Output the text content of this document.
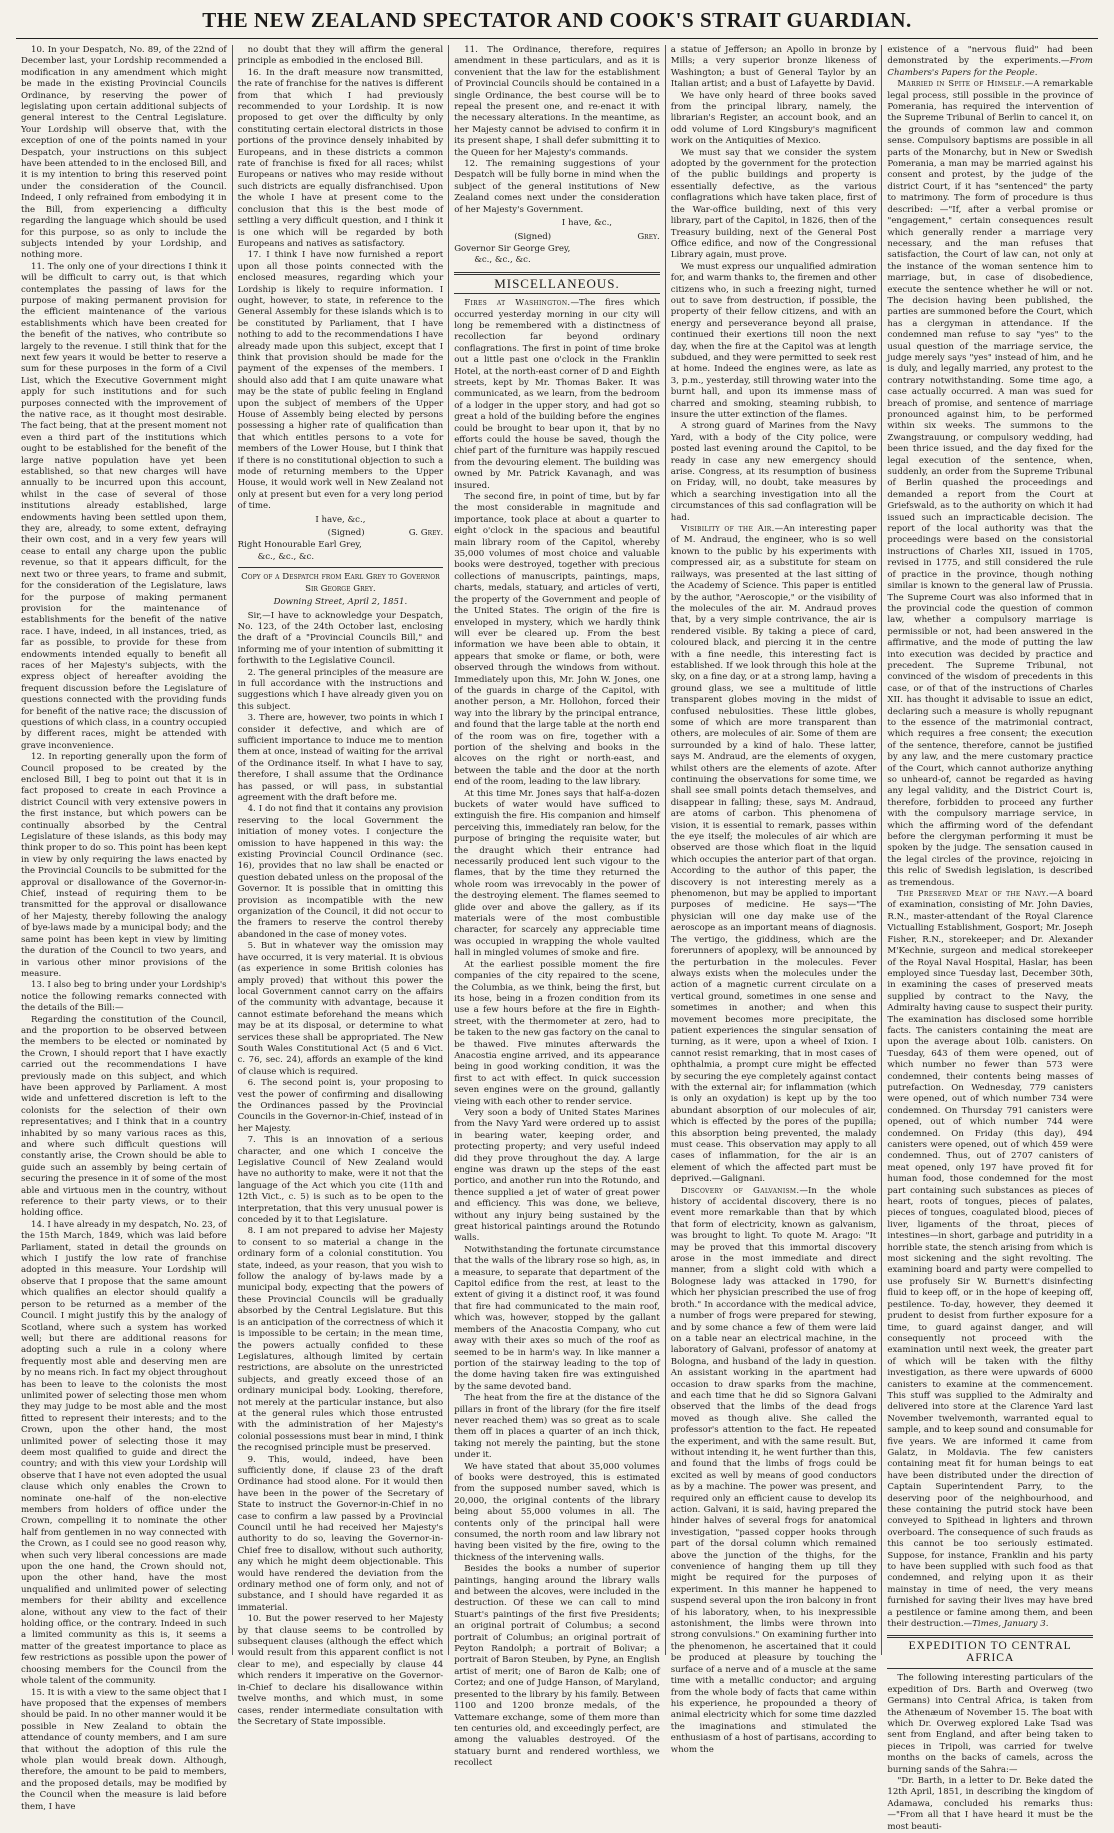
THE NEW ZEALAND SPECTATOR AND COOK'S STRAIT GUARDIAN.

10. In your Despatch, No. 89, of the 22nd of December last, your Lordship recommended a modification in any amendment which might be made in the existing Provincial Councils Ordinance, by reserving the power of legislating upon certain additional subjects of general interest to the Central Legislature. Your Lordship will observe that, with the exception of one of the points named in your Despatch, your instructions on this subject have been attended to in the enclosed Bill, and it is my intention to bring this reserved point under the consideration of the Council. Indeed, I only refrained from embodying it in the Bill, from experiencing a difficulty regarding the language which should be used for this purpose, so as only to include the subjects intended by your Lordship, and nothing more.

11. The only one of your directions I think it will be difficult to carry out, is that which contemplates the passing of laws for the purpose of making permanent provision for the efficient maintenance of the various establishments which have been created for the benefit of the natives, who contribute so largely to the revenue. I still think that for the next few years it would be better to reserve a sum for these purposes in the form of a Civil List, which the Executive Government might apply for such institutions and for such purposes connected with the improvement of the native race, as it thought most desirable. The fact being, that at the present moment not even a third part of the institutions which ought to be established for the benefit of the large native population have yet been established, so that new charges will have annually to be incurred upon this account, whilst in the case of several of those institutions already established, large endowments having been settled upon them, they are, already, to some extent, defraying their own cost, and in a very few years will cease to entail any charge upon the public revenue, so that it appears difficult, for the next two or three years, to frame and submit, for the consideration of the Legislature, laws for the purpose of making permanent provision for the maintenance of establishments for the benefit of the native race. I have, indeed, in all instances, tried, as far as possible, to provide for these from endowments intended equally to benefit all races of her Majesty's subjects, with the express object of hereafter avoiding the frequent discussion before the Legislature of questions connected with the providing funds for benefit of the native race; the discussion of questions of which class, in a country occupied by different races, might be attended with grave inconvenience.

12. In reporting generally upon the form of Council proposed to be created by the enclosed Bill, I beg to point out that it is in fact proposed to create in each Province a district Council with very extensive powers in the first instance, but which powers can be continually absorbed by the Central Legislature of these islands, as this body may think proper to do so. This point has been kept in view by only requiring the laws enacted by the Provincial Councils to be submitted for the approval or disallowance of the Governor-in-Chief, instead of requiring them to be transmitted for the approval or disallowance of her Majesty, thereby following the analogy of bye-laws made by a municipal body; and the same point has been kept in view by limiting the duration of the Council to two years, and in various other minor provisions of the measure.

13. I also beg to bring under your Lordship's notice the following remarks connected with the details of the Bill:—

Regarding the constitution of the Council, and the proportion to be observed between the members to be elected or nominated by the Crown, I should report that I have exactly carried out the recommendations I have previously made on this subject, and which have been approved by Parliament. A most wide and unfettered discretion is left to the colonists for the selection of their own representatives; and I think that in a country inhabited by so many various races as this, and where such difficult questions will constantly arise, the Crown should be able to guide such an assembly by being certain of securing the presence in it of some of the most able and virtuous men in the country, without reference to their party views, or to their holding office.

14. I have already in my despatch, No. 23, of the 15th March, 1849, which was laid before Parliament, stated in detail the grounds on which I justify the low rate of franchise adopted in this measure. Your Lordship will observe that I propose that the same amount which qualifies an elector should qualify a person to be returned as a member of the Council. I might justify this by the analogy of Scotland, where such a system has worked well; but there are additional reasons for adopting such a rule in a colony where frequently most able and deserving men are by no means rich. In fact my object throughout has been to leave to the colonists the most unlimited power of selecting those men whom they may judge to be most able and the most fitted to represent their interests; and to the Crown, upon the other hand, the most unlimited power of selecting those it may deem most qualified to guide and direct the country; and with this view your Lordship will observe that I have not even adopted the usual clause which only enables the Crown to nominate one-half of the non-elective members from holders of office under the Crown, compelling it to nominate the other half from gentlemen in no way connected with the Crown, as I could see no good reason why, when such very liberal concessions are made upon the one hand, the Crown should not, upon the other hand, have the most unqualified and unlimited power of selecting members for their ability and excellence alone, without any view to the fact of their holding office, or the contrary. Indeed in such a limited community as this is, it seems a matter of the greatest importance to place as few restrictions as possible upon the power of choosing members for the Council from the whole talent of the community.

15. It is with a view to the same object that I have proposed that the expenses of members should be paid. In no other manner would it be possible in New Zealand to obtain the attendance of county members, and I am sure that without the adoption of this rule the whole plan would break down. Although, therefore, the amount to be paid to members, and the proposed details, may be modified by the Council when the measure is laid before them, I have

no doubt that they will affirm the general principle as embodied in the enclosed Bill.

16. In the draft measure now transmitted, the rate of franchise for the natives is different from that which I had previously recommended to your Lordship. It is now proposed to get over the difficulty by only constituting certain electoral districts in those portions of the province densely inhabited by Europeans, and in these districts a common rate of franchise is fixed for all races; whilst Europeans or natives who may reside without such districts are equally disfranchised. Upon the whole I have at present come to the conclusion that this is the best mode of settling a very difficult question, and I think it is one which will be regarded by both Europeans and natives as satisfactory.

17. I think I have now furnished a report upon all those points connected with the enclosed measures, regarding which your Lordship is likely to require information. I ought, however, to state, in reference to the General Assembly for these islands which is to be constituted by Parliament, that I have nothing to add to the recommendations I have already made upon this subject, except that I think that provision should be made for the payment of the expenses of the members. I should also add that I am quite unaware what may be the state of public feeling in England upon the subject of members of the Upper House of Assembly being elected by persons possessing a higher rate of qualification than that which entitles persons to a vote for members of the Lower House, but I think that if there is no constitutional objection to such a mode of returning members to the Upper House, it would work well in New Zealand not only at present but even for a very long period of time.

I have, &c.,
(Signed)	G. Grey.
Right Honourable Earl Grey,
&c., &c., &c.
Copy of a Despatch from Earl Grey to Governor Sir George Grey.
Downing Street, April 2, 1851.

Sir,—I have to acknowledge your Despatch, No. 123, of the 24th October last, enclosing the draft of a "Provincial Councils Bill," and informing me of your intention of submitting it forthwith to the Legislative Council.

2. The general principles of the measure are in full accordance with the instructions and suggestions which I have already given you on this subject.

3. There are, however, two points in which I consider it defective, and which are of sufficient importance to induce me to mention them at once, instead of waiting for the arrival of the Ordinance itself. In what I have to say, therefore, I shall assume that the Ordinance has passed, or will pass, in substantial agreement with the draft before me.

4. I do not find that it contains any provision reserving to the local Government the initiation of money votes. I conjecture the omission to have happened in this way: the existing Provincial Council Ordinance (sec. 16), provides that no law shall be enacted or question debated unless on the proposal of the Governor. It is possible that in omitting this provision as incompatible with the new organization of the Council, it did not occur to the framers to reserve the control thereby abandoned in the case of money votes.

5. But in whatever way the omission may have occurred, it is very material. It is obvious (as experience in some British colonies has amply proved) that without this power the local Government cannot carry on the affairs of the community with advantage, because it cannot estimate beforehand the means which may be at its disposal, or determine to what services these shall be appropriated. The New South Wales Constitutional Act (5 and 6 Vict. c. 76, sec. 24), affords an example of the kind of clause which is required.

6. The second point is, your proposing to vest the power of confirming and disallowing the Ordinances passed by the Provincial Councils in the Governor-in-Chief, instead of in her Majesty.

7. This is an innovation of a serious character, and one which I conceive the Legislative Council of New Zealand would have no authority to make, were it not that the language of the Act which you cite (11th and 12th Vict., c. 5) is such as to be open to the interpretation, that this very unusual power is conceded by it to that Legislature.

8. I am not prepared to advise her Majesty to consent to so material a change in the ordinary form of a colonial constitution. You state, indeed, as your reason, that you wish to follow the analogy of by-laws made by a municipal body, expecting that the powers of these Provincial Councils will be gradually absorbed by the Central Legislature. But this is an anticipation of the correctness of which it is impossible to be certain; in the mean time, the powers actually confided to these Legislatures, although limited by certain restrictions, are absolute on the unrestricted subjects, and greatly exceed those of an ordinary municipal body. Looking, therefore, not merely at the particular instance, but also at the general rules which those entrusted with the administration of her Majesty's colonial possessions must bear in mind, I think the recognised principle must be preserved.

9. This, would, indeed, have been sufficiently done, if clause 23 of the draft Ordinance had stood alone. For it would then have been in the power of the Secretary of State to instruct the Governor-in-Chief in no case to confirm a law passed by a Provincial Council until he had received her Majesty's authority to do so, leaving the Governor-in-Chief free to disallow, without such authority, any which he might deem objectionable. This would have rendered the deviation from the ordinary method one of form only, and not of substance, and I should have regarded it as immaterial.

10. But the power reserved to her Majesty by that clause seems to be controlled by subsequent clauses (although the effect which would result from this apparent conflict is not clear to me), and especially by clause 44 which renders it imperative on the Governor-in-Chief to declare his disallowance within twelve months, and which must, in some cases, render intermediate consultation with the Secretary of State impossible.

11. The Ordinance, therefore, requires amendment in these particulars, and as it is convenient that the law for the establishment of Provincial Councils should be contained in a single Ordinance, the best course will be to repeal the present one, and re-enact it with the necessary alterations. In the meantime, as her Majesty cannot be advised to confirm it in its present shape, I shall defer submitting it to the Queen for her Majesty's commands.

12. The remaining suggestions of your Despatch will be fully borne in mind when the subject of the general institutions of New Zealand comes next under the consideration of her Majesty's Government.

I have, &c.,
(Signed)	Grey.
Governor Sir George Grey,
&c., &c., &c.
MISCELLANEOUS.

Fires at Washington.—The fires which occurred yesterday morning in our city will long be remembered with a distinctness of recollection far beyond ordinary conflagrations. The first in point of time broke out a little past one o'clock in the Franklin Hotel, at the north-east corner of D and Eighth streets, kept by Mr. Thomas Baker. It was communicated, as we learn, from the bedroom of a lodger in the upper story, and had got so great a hold of the building before the engines could be brought to bear upon it, that by no efforts could the house be saved, though the chief part of the furniture was happily rescued from the devouring element. The building was owned by Mr. Patrick Kavanagh, and was insured.

The second fire, in point of time, but by far the most considerable in magnitude and importance, took place at about a quarter to eight o'clock in the spacious and beautiful main library room of the Capitol, whereby 35,000 volumes of most choice and valuable books were destroyed, together with precious collections of manuscripts, paintings, maps, charts, medals, statuary, and articles of verti, the property of the Government and people of the United States. The origin of the fire is enveloped in mystery, which we hardly think will ever be cleared up. From the best information we have been able to obtain, it appears that smoke or flame, or both, were observed through the windows from without. Immediately upon this, Mr. John W. Jones, one of the guards in charge of the Capitol, with another person, a Mr. Hollohon, forced their way into the library by the principal entrance, and found that the large table at the north end of the room was on fire, together with a portion of the shelving and books in the alcoves on the right or north-east, and between the table and the door at the north end of the room, leading to the law library.

At this time Mr. Jones says that half-a-dozen buckets of water would have sufficed to extinguish the fire. His companion and himself perceiving this, immediately ran below, for the purpose of bringing the requisite water, but the draught which their entrance had necessarily produced lent such vigour to the flames, that by the time they returned the whole room was irrevocably in the power of the destroying element. The flames seemed to glide over and above the gallery, as if its materials were of the most combustible character, for scarcely any appreciable time was occupied in wrapping the whole vaulted hall in mingled volumes of smoke and fire.

At the earliest possible moment the fire companies of the city repaired to the scene, the Columbia, as we think, being the first, but its hose, being in a frozen condition from its use a few hours before at the fire in Eighth-street, with the thermometer at zero, had to be taken to the new gas factory on the canal to be thawed. Five minutes afterwards the Anacostia engine arrived, and its appearance being in good working condition, it was the first to act with effect. In quick succession seven engines were on the ground, gallantly vieing with each other to render service.

Very soon a body of United States Marines from the Navy Yard were ordered up to assist in bearing water, keeping order, and protecting property; and very useful indeed did they prove throughout the day. A large engine was drawn up the steps of the east portico, and another run into the Rotundo, and thence supplied a jet of water of great power and efficiency. This was done, we believe, without any injury being sustained by the great historical paintings around the Rotundo walls.

Notwithstanding the fortunate circumstance that the walls of the library rose so high, as, in a measure, to separate that department of the Capitol edifice from the rest, at least to the extent of giving it a distinct roof, it was found that fire had communicated to the main roof, which was, however, stopped by the gallant members of the Anacostia Company, who cut away with their axes so much of the roof as seemed to be in harm's way. In like manner a portion of the stairway leading to the top of the dome having taken fire was extinguished by the same devoted band.

The heat from the fire at the distance of the pillars in front of the library (for the fire itself never reached them) was so great as to scale them off in places a quarter of an inch thick, taking not merely the painting, but the stone under it.

We have stated that about 35,000 volumes of books were destroyed, this is estimated from the supposed number saved, which is 20,000, the original contents of the library being about 55,000 volumes in all. The contents only of the principal hall were consumed, the north room and law library not having been visited by the fire, owing to the thickness of the intervening walls.

Besides the books a number of superior paintings, hanging around the library walls and between the alcoves, were included in the destruction. Of these we can call to mind Stuart's paintings of the first five Presidents; an original portrait of Columbus; a second portrait of Columbus; an original portrait of Peyton Randolph; a portrait of Bolivar; a portrait of Baron Steuben, by Pyne, an English artist of merit; one of Baron de Kalb; one of Cortez; and one of Judge Hanson, of Maryland, presented to the library by his family. Between 1100 and 1200 bronze medals, of the Vattemare exchange, some of them more than ten centuries old, and exceedingly perfect, are among the valuables destroyed. Of the statuary burnt and rendered worthless, we recollect

a statue of Jefferson; an Apollo in bronze by Mills; a very superior bronze likeness of Washington; a bust of General Taylor by an Italian artist; and a bust of Lafayette by David.

We have only heard of three books saved from the principal library, namely, the librarian's Register, an account book, and an odd volume of Lord Kingsbury's magnificent work on the Antiquities of Mexico.

We must say that we consider the system adopted by the government for the protection of the public buildings and property is essentially defective, as the various conflagrations which have taken place, first of the War-office building, next of this very library, part of the Capitol, in 1826, then of the Treasury building, next of the General Post Office edifice, and now of the Congressional Library again, must prove.

We must express our unqualified admiration for, and warm thanks to, the firemen and other citizens who, in such a freezing night, turned out to save from destruction, if possible, the property of their fellow citizens, and with an energy and perseverance beyond all praise, continued their exertions till noon the next day, when the fire at the Capitol was at length subdued, and they were permitted to seek rest at home. Indeed the engines were, as late as 3, p.m., yesterday, still throwing water into the burnt hall, and upon its immense mass of charred and smoking, steaming rubbish, to insure the utter extinction of the flames.

A strong guard of Marines from the Navy Yard, with a body of the City police, were posted last evening around the Capitol, to be ready in case any new emergency should arise. Congress, at its resumption of business on Friday, will, no doubt, take measures by which a searching investigation into all the circumstances of this sad conflagration will be had.

Visibility of the Air.—An interesting paper of M. Andraud, the engineer, who is so well known to the public by his experiments with compressed air, as a substitute for steam on railways, was presented at the last sitting of the Academy of Science. This paper is entitled by the author, "Aeroscopie," or the visibility of the molecules of the air. M. Andraud proves that, by a very simple contrivance, the air is rendered visible. By taking a piece of card, coloured black, and piercing it in the centre with a fine needle, this interesting fact is established. If we look through this hole at the sky, on a fine day, or at a strong lamp, having a ground glass, we see a multitude of little transparent globes moving in the midst of confused nebulosities. These little globes, some of which are more transparent than others, are molecules of air. Some of them are surrounded by a kind of halo. These latter, says M. Andraud, are the elements of oxygen, whilst others are the elements of azote. After continuing the observations for some time, we shall see small points detach themselves, and disappear in falling; these, says M. Andraud, are atoms of carbon. This phenomena of vision, it is essential to remark, passes within the eye itself; the molecules of air which are observed are those which float in the liquid which occupies the anterior part of that organ. According to the author of this paper, the discovery is not interesting merely as a phenomenon, but may be applied to important purposes of medicine. He says—"The physician will one day make use of the aeroscope as an important means of diagnosis. The vertigo, the giddiness, which are the forerunners of apoplexy, will be announced by the perturbation in the molecules. Fever always exists when the molecules under the action of a magnetic current circulate on a vertical ground, sometimes in one sense and sometimes in another; and when this movement becomes more precipitate, the patient experiences the singular sensation of turning, as it were, upon a wheel of Ixion. I cannot resist remarking, that in most cases of ophthalmia, a prompt cure might be effected by securing the eye completely against contact with the external air; for inflammation (which is only an oxydation) is kept up by the too abundant absorption of our molecules of air, which is effected by the pores of the pupilla; this absorption being prevented, the malady must cease. This observation may apply to all cases of inflammation, for the air is an element of which the affected part must be deprived.—Galignani.

Discovery of Galvanism.—In the whole history of accidental discovery, there is no event more remarkable than that by which that form of electricity, known as galvanism, was brought to light. To quote M. Arago: "It may be proved that this immortal discovery arose in the most immediate and direct manner, from a slight cold with which a Bolognese lady was attacked in 1790, for which her physician prescribed the use of frog broth." In accordance with the medical advice, a number of frogs were prepared for stewing, and by some chance a few of them were laid on a table near an electrical machine, in the laboratory of Galvani, professor of anatomy at Bologna, and husband of the lady in question. An assistant working in the apartment had occasion to draw sparks from the machine, and each time that he did so Signora Galvani observed that the limbs of the dead frogs moved as though alive. She called the professor's attention to the fact. He repeated the experiment, and with the same result. But, without intending it, he went further than this, and found that the limbs of frogs could be excited as well by means of good conductors as by a machine. The power was present, and required only an efficient cause to develop its action. Galvani, it is said, having prepared the hinder halves of several frogs for anatomical investigation, "passed copper hooks through part of the dorsal column which remained above the junction of the thighs, for the convenience of hanging them up till they might be required for the purposes of experiment. In this manner he happened to suspend several upon the iron balcony in front of his laboratory, when, to his inexpressible astonishment, the limbs were thrown into strong convulsions." On examining further into the phenomenon, he ascertained that it could be produced at pleasure by touching the surface of a nerve and of a muscle at the same time with a metallic conductor; and arguing from the whole body of facts that came within his experience, he propounded a theory of animal electricity which for some time dazzled the imaginations and stimulated the enthusiasm of a host of partisans, according to whom the

existence of a "nervous fluid" had been demonstrated by the experiments.—From Chambers's Papers for the People.

Married in Spite of Himself.—A remarkable legal process, still possible in the province of Pomerania, has required the intervention of the Supreme Tribunal of Berlin to cancel it, on the grounds of common law and common sense. Compulsory baptisms are possible in all parts of the Monarchy, but in New or Swedish Pomerania, a man may be married against his consent and protest, by the judge of the district Court, if it has "sentenced" the party to matrimony. The form of procedure is thus described: —"If, after a verbal promise or "engagement," certain consequences result which generally render a marriage very necessary, and the man refuses that satisfaction, the Court of law can, not only at the instance of the woman sentence him to marriage, but, in case of disobedience, execute the sentence whether he will or not. The decision having been published, the parties are summoned before the Court, which has a clergyman in attendance. If the condemned man refuse to say "yes" to the usual question of the marriage service, the judge merely says "yes" instead of him, and he is duly, and legally married, any protest to the contrary notwithstanding. Some time ago, a case actually occurred. A man was sued for breach of promise, and sentence of marriage pronounced against him, to be performed within six weeks. The summons to the Zwangstrauung, or compulsory wedding, had been thrice issued, and the day fixed for the legal execution of the sentence, when, suddenly, an order from the Supreme Tribunal of Berlin quashed the proceedings and demanded a report from the Court at Griefswald, as to the authority on which it had issued such an impracticable decision. The report of the local authority was that the proceedings were based on the consistorial instructions of Charles XII, issued in 1705, revised in 1775, and still considered the rule of practice in the province, though nothing similar is known to the general law of Prussia. The Supreme Court was also informed that in the provincial code the question of common law, whether a compulsory marriage is permissible or not, had been answered in the affirmative, and the mode of putting the law into execution was decided by practice and precedent. The Supreme Tribunal, not convinced of the wisdom of precedents in this case, or of that of the instructions of Charles XII. has thought it advisable to issue an edict, declaring such a measure is wholly repugnant to the essence of the matrimonial contract, which requires a free consent; the execution of the sentence, therefore, cannot be justified by any law, and the mere customary practice of the Court, which cannot authorize anything so unheard-of, cannot be regarded as having any legal validity, and the District Court is, therefore, forbidden to proceed any further with the compulsory marriage service, in which the affirming word of the defendant before the clergyman performing it must be spoken by the judge. The sensation caused in the legal circles of the province, rejoicing in this relic of Swedish legislation, is described as tremendous.

The Preserved Meat of the Navy.—A board of examination, consisting of Mr. John Davies, R.N., master-attendant of the Royal Clarence Victualling Establishment, Gosport; Mr. Joseph Fisher, R.N., storekeeper; and Dr. Alexander M'Kechnie, surgeon and medical storekeeper of the Royal Naval Hospital, Haslar, has been employed since Tuesday last, December 30th, in examining the cases of preserved meats supplied by contract to the Navy, the Admiralty having cause to suspect their purity. The examination has disclosed some horrible facts. The canisters containing the meat are upon the average about 10lb. canisters. On Tuesday, 643 of them were opened, out of which number no fewer than 573 were condemned, their contents being masses of putrefaction. On Wednesday, 779 canisters were opened, out of which number 734 were condemned. On Thursday 791 canisters were opened, out of which number 744 were condemned. On Friday (this day), 494 canisters were opened, out of which 459 were condemned. Thus, out of 2707 canisters of meat opened, only 197 have proved fit for human food, those condemned for the most part containing such substances as pieces of heart, roots of tongues, pieces of palates, pieces of tongues, coagulated blood, pieces of liver, ligaments of the throat, pieces of intestines—in short, garbage and putridity in a horrible state, the stench arising from which is most sickening and the sight revolting. The examining board and party were compelled to use profusely Sir W. Burnett's disinfecting fluid to keep off, or in the hope of keeping off, pestilence. To-day, however, they deemed it prudent to desist from further exposure for a time, to guard against danger, and will consequently not proceed with the examination until next week, the greater part of which will be taken with the filthy investigation, as there were upwards of 6000 canisters to examine at the commencement. This stuff was supplied to the Admiralty and delivered into store at the Clarence Yard last November twelvemonth, warranted equal to sample, and to keep sound and consumable for five years. We are informed it came from Galatz, in Moldavia. The few canisters containing meat fit for human beings to eat have been distributed under the direction of Captain Superintendent Parry, to the deserving poor of the neighbourhood, and these containing the putrid stock have been conveyed to Spithead in lighters and thrown overboard. The consequence of such frauds as this cannot be too seriously estimated. Suppose, for instance, Franklin and his party to have been supplied with such food as that condemned, and relying upon it as their mainstay in time of need, the very means furnished for saving their lives may have bred a pestilence or famine among them, and been their destruction.—Times, January 3.

EXPEDITION TO CENTRAL AFRICA

The following interesting particulars of the expedition of Drs. Barth and Overweg (two Germans) into Central Africa, is taken from the Athenæum of November 15. The boat with which Dr. Overweg explored Lake Tsad was sent from England, and after being taken to pieces in Tripoli, was carried for twelve months on the backs of camels, across the burning sands of the Sahra:—

"Dr. Barth, in a letter to Dr. Beke dated the 12th April, 1851, in describing the kingdom of Adamawa, concluded his remarks thus:—"From all that I have heard it must be the most beauti-
